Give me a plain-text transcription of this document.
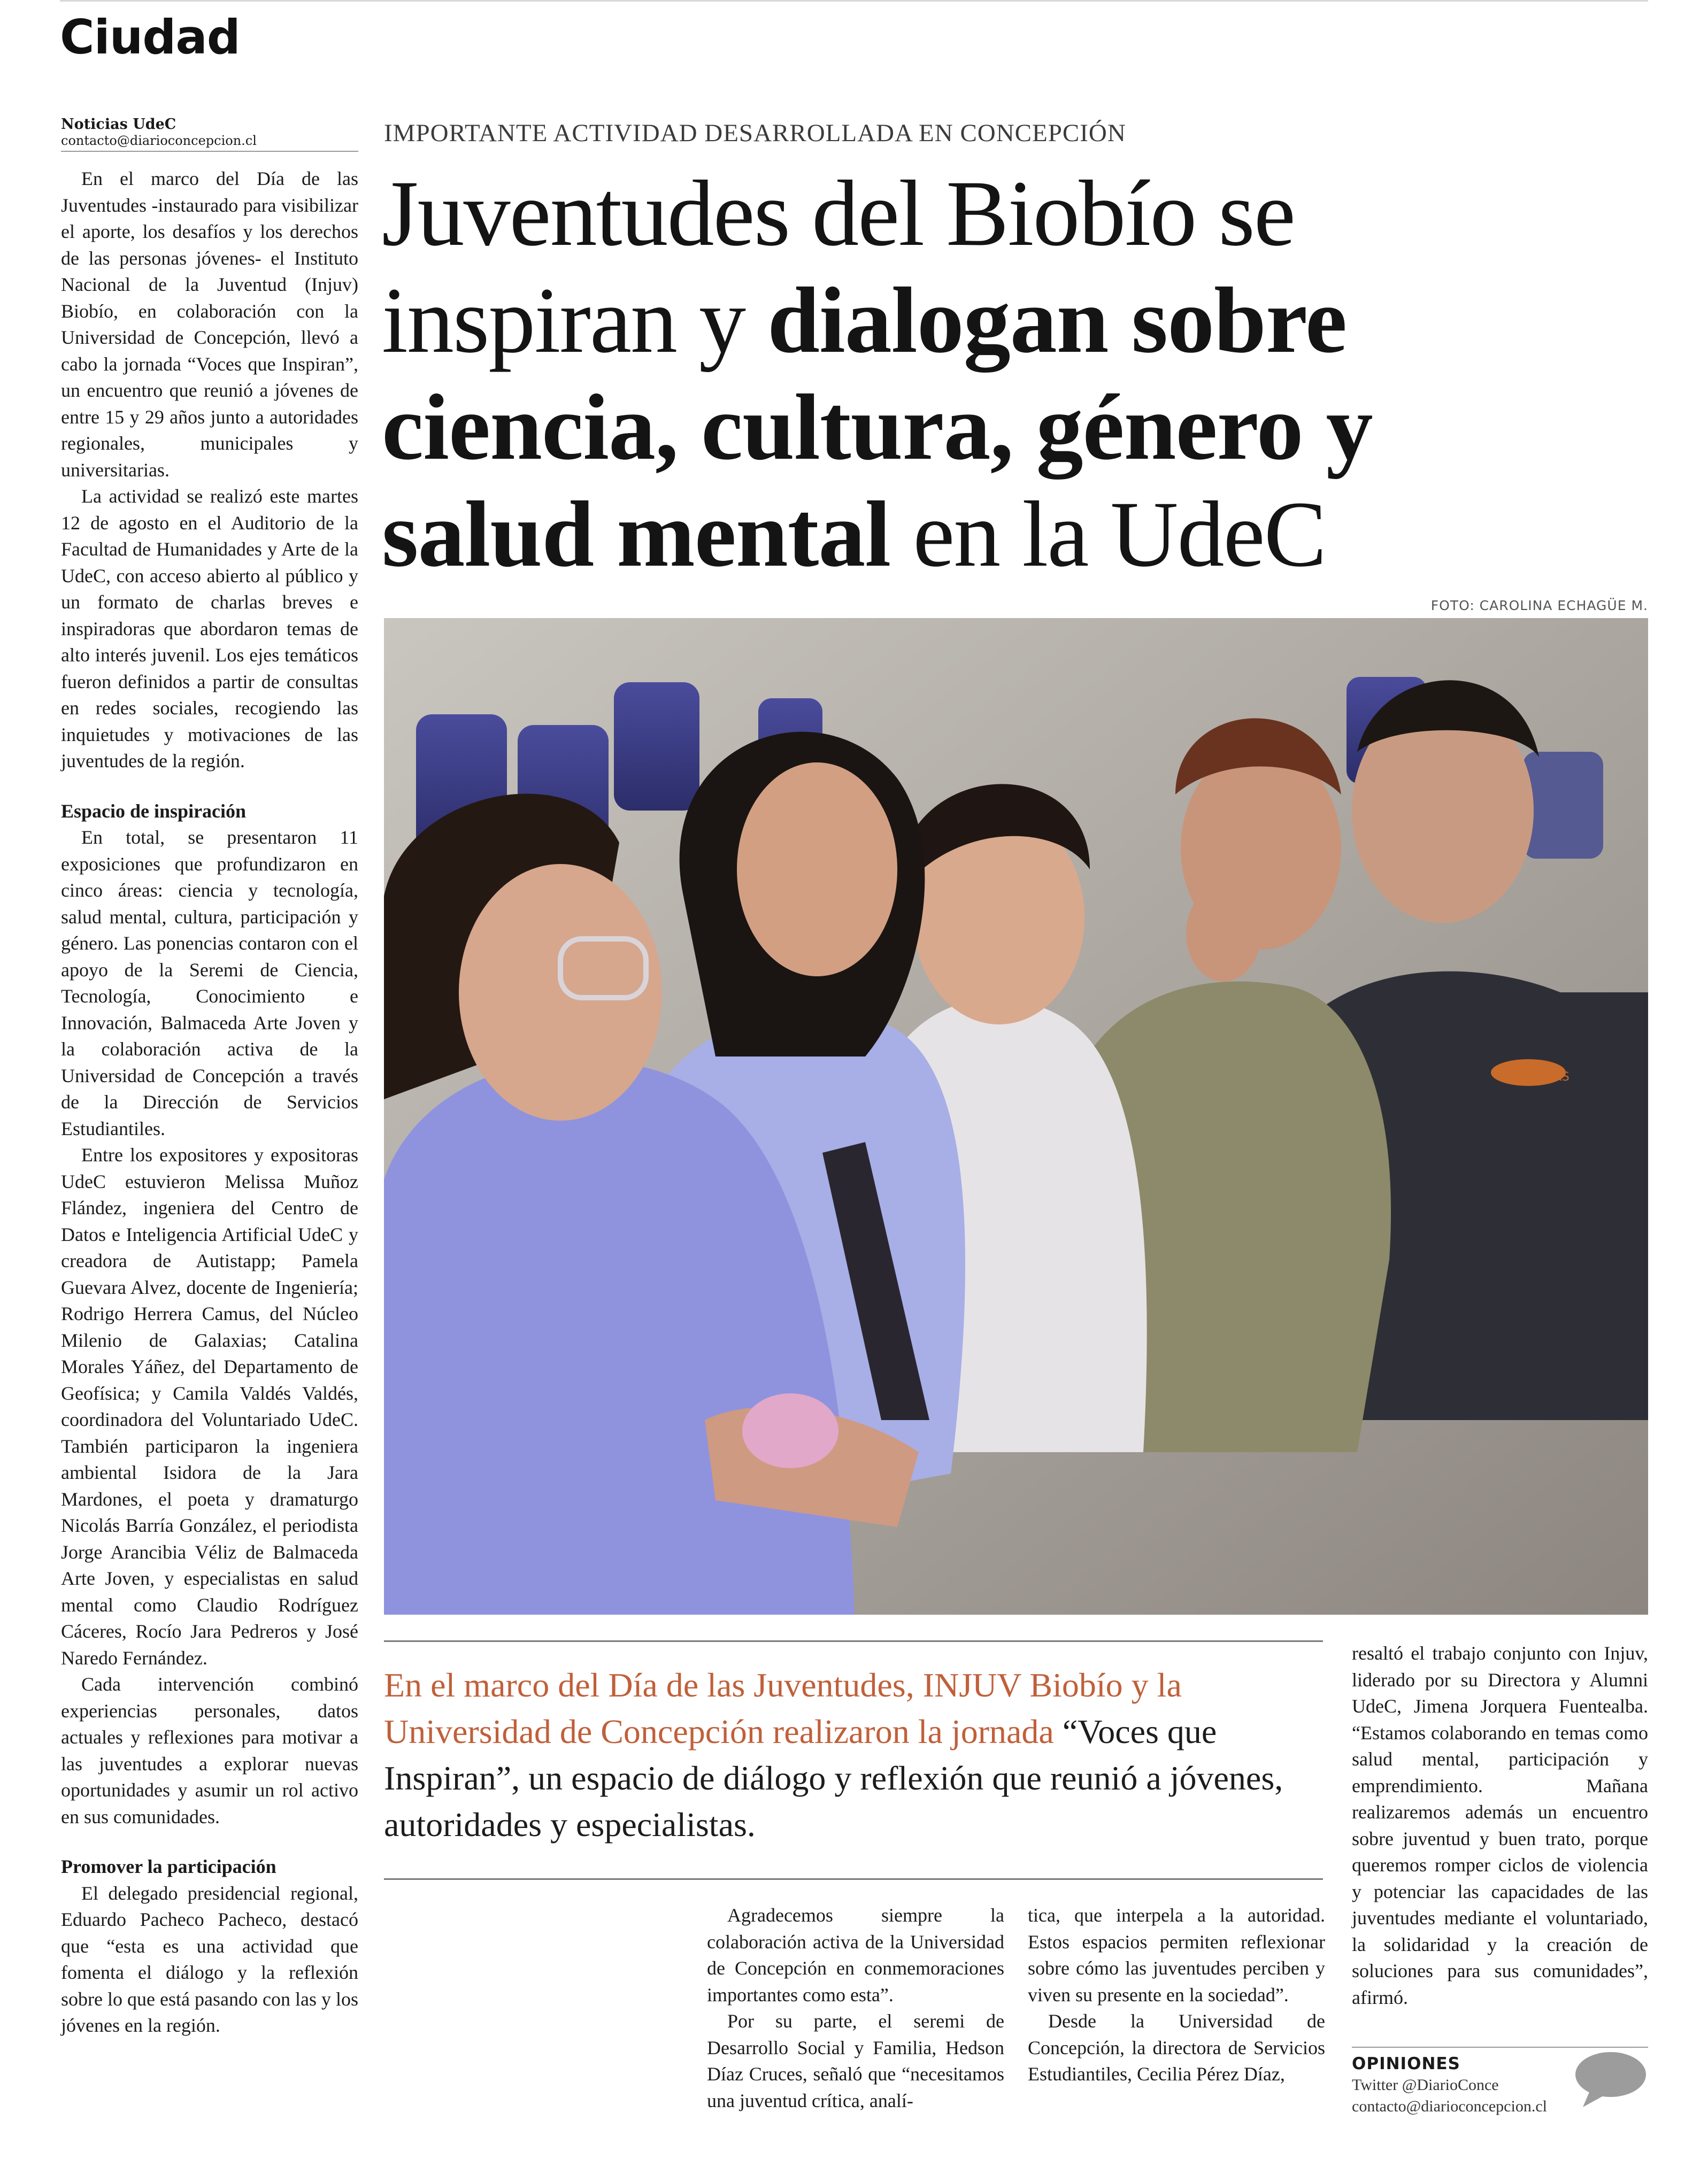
Ciudad
Noticias UdeC
contacto@diarioconcepcion.cl

En el marco del Día de las Juventudes -instaurado para visibilizar el aporte, los desafíos y los derechos de las personas jóvenes- el Instituto Nacional de la Juventud (Injuv) Biobío, en colaboración con la Universidad de Concepción, llevó a cabo la jornada “Voces que Inspiran”, un encuentro que reunió a jóvenes de entre 15 y 29 años junto a autoridades regionales, municipales y universitarias.

La actividad se realizó este martes 12 de agosto en el Auditorio de la Facultad de Humanidades y Arte de la UdeC, con acceso abierto al público y un formato de charlas breves e inspiradoras que abordaron temas de alto interés juvenil. Los ejes temáticos fueron definidos a partir de consultas en redes sociales, recogiendo las inquietudes y motivaciones de las juventudes de la región.

Espacio de inspiración

En total, se presentaron 11 exposiciones que profundizaron en cinco áreas: ciencia y tecnología, salud mental, cultura, participación y género. Las ponencias contaron con el apoyo de la Seremi de Ciencia, Tecnología, Conocimiento e Innovación, Balmaceda Arte Joven y la colaboración activa de la Universidad de Concepción a través de la Dirección de Servicios Estudiantiles.

Entre los expositores y expositoras UdeC estuvieron Melissa Muñoz Flández, ingeniera del Centro de Datos e Inteligencia Artificial UdeC y creadora de Autistapp; Pamela Guevara Alvez, docente de Ingeniería; Rodrigo Herrera Camus, del Núcleo Milenio de Galaxias; Catalina Morales Yáñez, del Departamento de Geofísica; y Camila Valdés Valdés, coordinadora del Voluntariado UdeC. También participaron la ingeniera ambiental Isidora de la Jara Mardones, el poeta y dramaturgo Nicolás Barría González, el periodista Jorge Arancibia Véliz de Balmaceda Arte Joven, y especialistas en salud mental como Claudio Rodríguez Cáceres, Rocío Jara Pedreros y José Naredo Fernández.

Cada intervención combinó experiencias personales, datos actuales y reflexiones para motivar a las juventudes a explorar nuevas oportunidades y asumir un rol activo en sus comunidades.

Promover la participación

El delegado presidencial regional, Eduardo Pacheco Pacheco, destacó que “esta es una actividad que fomenta el diálogo y la reflexión sobre lo que está pasando con las y los jóvenes en la región.

IMPORTANTE ACTIVIDAD DESARROLLADA EN CONCEPCIÓN

Juventudes del Biobío se
inspiran y dialogan sobre
ciencia, cultura, género y
salud mental en la UdeC

FOTO: CAROLINA ECHAGÜE M.

TUMBERS

En el marco del Día de las Juventudes, INJUV Biobío y la Universidad de Concepción realizaron la jornada “Voces que Inspiran”, un espacio de diálogo y reflexión que reunió a jóvenes, autoridades y especialistas.

Agradecemos siempre la colaboración activa de la Universidad de Concepción en conmemoraciones importantes como esta”.

Por su parte, el seremi de Desarrollo Social y Familia, Hedson Díaz Cruces, señaló que “necesitamos una juventud crítica, analí-

tica, que interpela a la autoridad. Estos espacios permiten reflexionar sobre cómo las juventudes perciben y viven su presente en la sociedad”.

Desde la Universidad de Concepción, la directora de Servicios Estudiantiles, Cecilia Pérez Díaz,

resaltó el trabajo conjunto con Injuv, liderado por su Directora y Alumni UdeC, Jimena Jorquera Fuentealba. “Estamos colaborando en temas como salud mental, participación y emprendimiento. Mañana realizaremos además un encuentro sobre juventud y buen trato, porque queremos romper ciclos de violencia y potenciar las capacidades de las juventudes mediante el voluntariado, la solidaridad y la creación de soluciones para sus comunidades”, afirmó.

OPINIONES
Twitter @DiarioConce
contacto@diarioconcepcion.cl
